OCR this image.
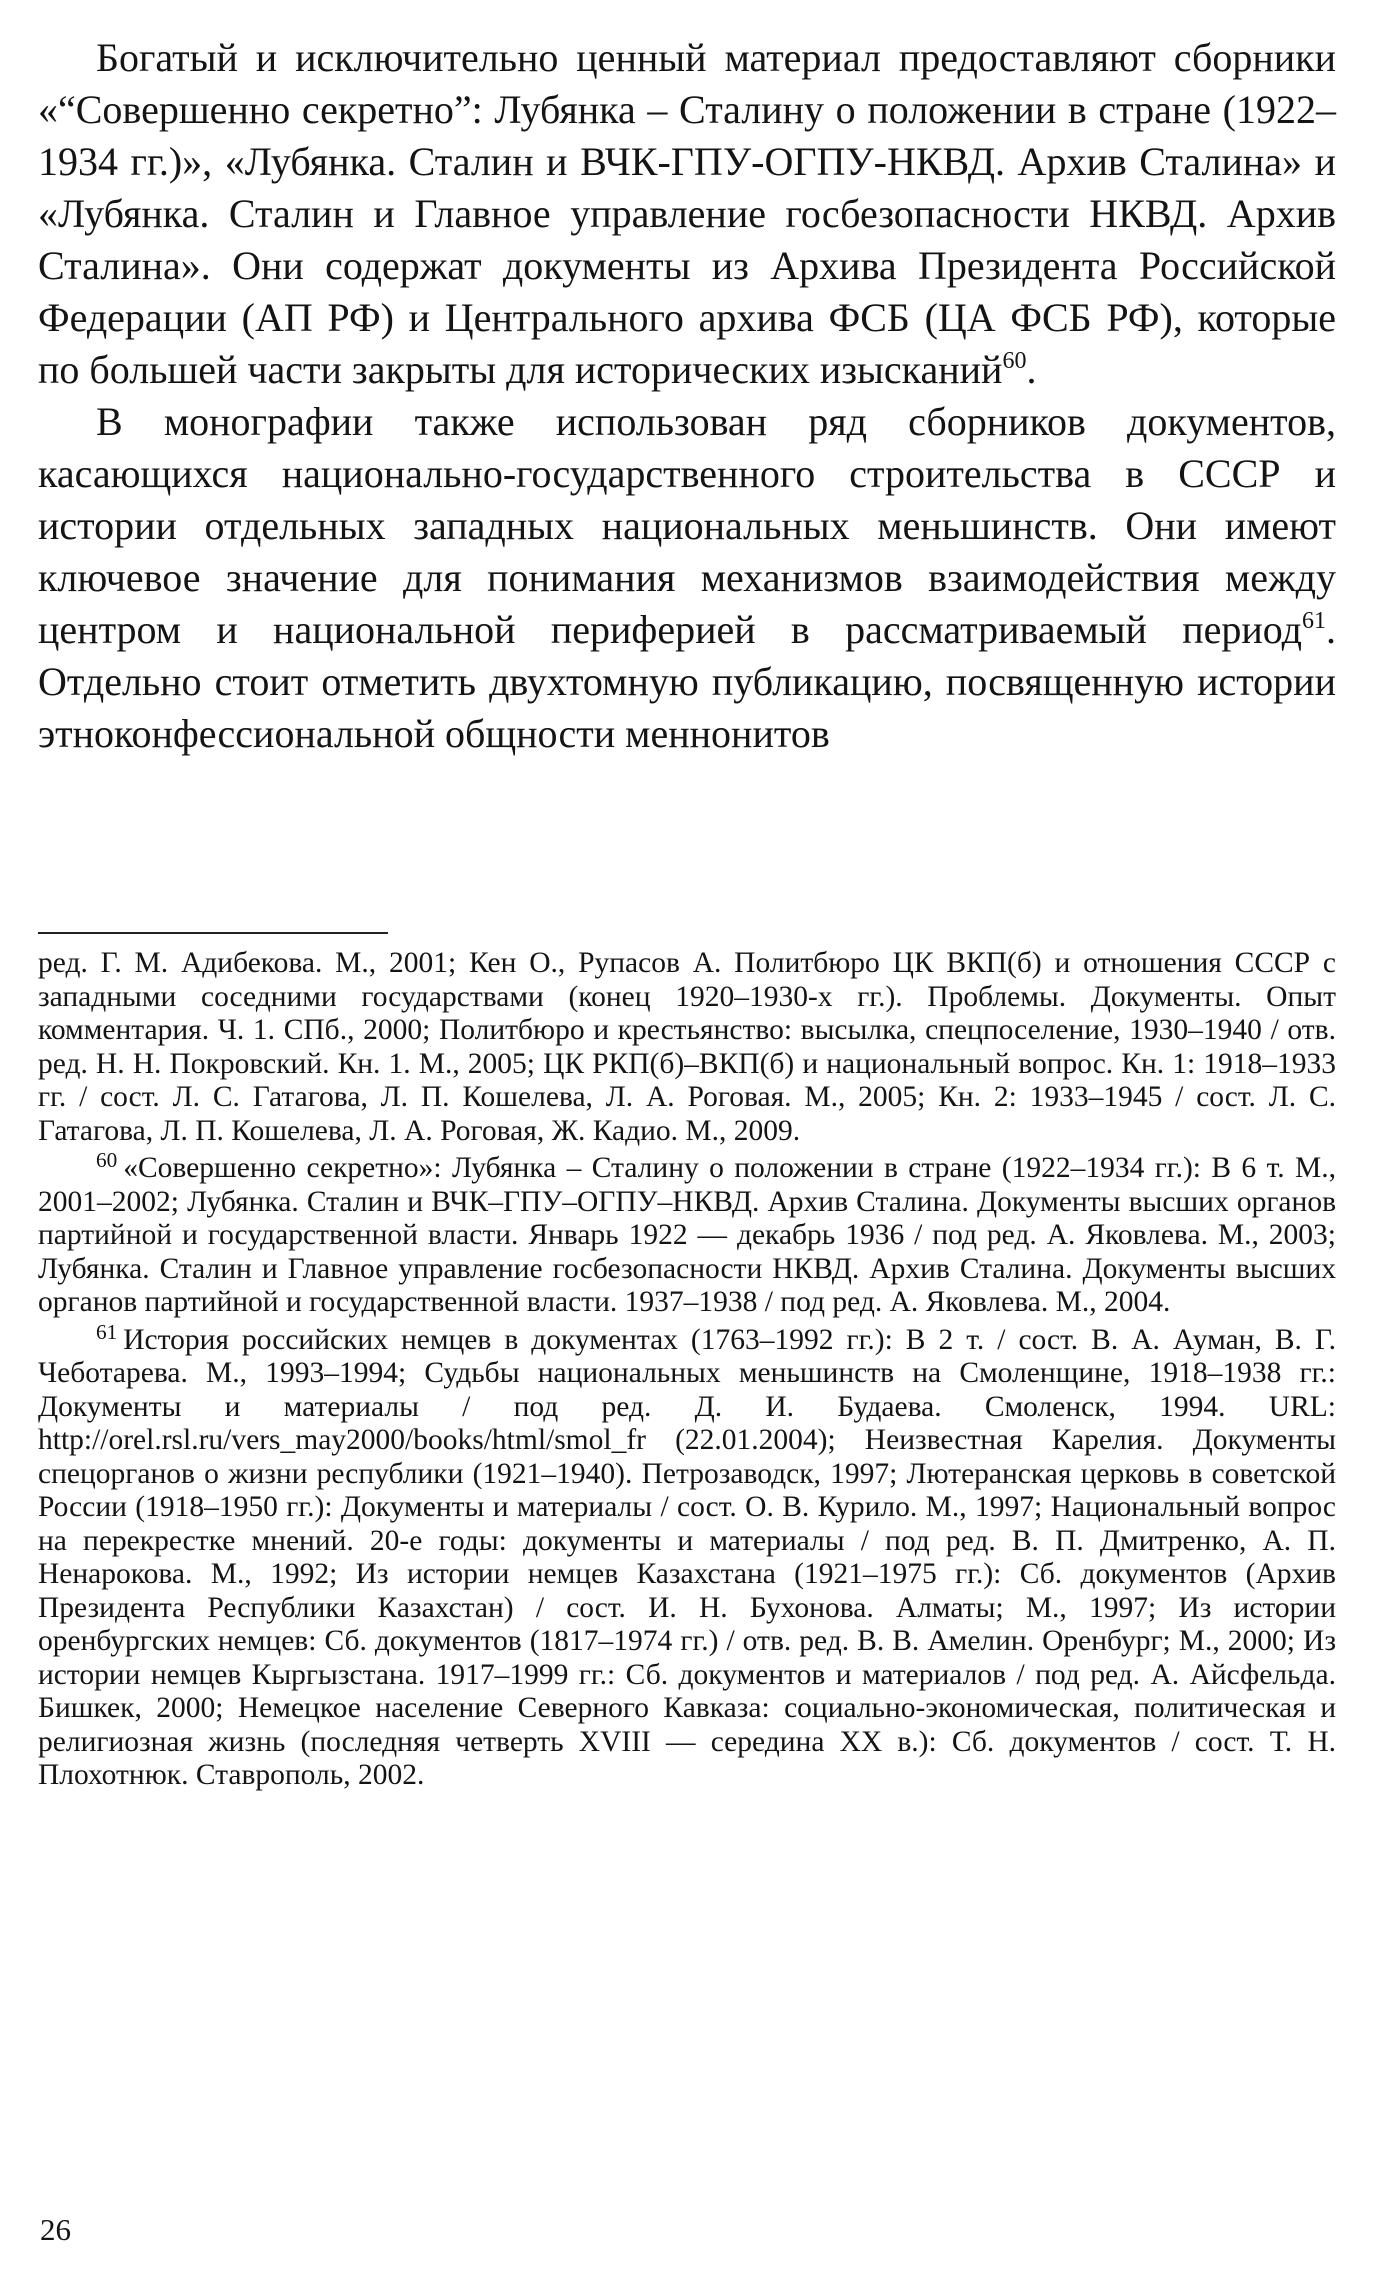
Богатый и исключительно ценный материал предоставляют сборники «“Совершенно секретно”: Лубянка – Сталину о положении в стране (1922–1934 гг.)», «Лубянка. Сталин и ВЧК-ГПУ-ОГПУ-НКВД. Архив Сталина» и «Лубянка. Сталин и Главное управление госбезопасности НКВД. Архив Сталина». Они содержат документы из Архива Президента Российской Федерации (АП РФ) и Центрального архива ФСБ (ЦА ФСБ РФ), которые по большей части закрыты для исторических изысканий$^{60}$.

В монографии также использован ряд сборников документов, касающихся национально-государственного строительства в СССР и истории отдельных западных национальных меньшинств. Они имеют ключевое значение для понимания механизмов взаимодействия между центром и национальной периферией в рассматриваемый период$^{61}$. Отдельно стоит отметить двухтомную публикацию, посвященную истории этноконфессиональной общности меннонитов

ред. Г. М. Адибекова. М., 2001; Кен О., Рупасов А. Политбюро ЦК ВКП(б) и отношения СССР с западными соседними государствами (конец 1920–1930-х гг.). Проблемы. Документы. Опыт комментария. Ч. 1. СПб., 2000; Политбюро и крестьянство: высылка, спецпоселение, 1930–1940 / отв. ред. Н. Н. Покровский. Кн. 1. М., 2005; ЦК РКП(б)–ВКП(б) и национальный вопрос. Кн. 1: 1918–1933 гг. / сост. Л. С. Гатагова, Л. П. Кошелева, Л. А. Роговая. М., 2005; Кн. 2: 1933–1945 / сост. Л. С. Гатагова, Л. П. Кошелева, Л. А. Роговая, Ж. Кадио. М., 2009.

$^{60}$ «Совершенно секретно»: Лубянка – Сталину о положении в стране (1922–1934 гг.): В 6 т. М., 2001–2002; Лубянка. Сталин и ВЧК–ГПУ–ОГПУ–НКВД. Архив Сталина. Документы высших органов партийной и государственной власти. Январь 1922 — декабрь 1936 / под ред. А. Яковлева. М., 2003; Лубянка. Сталин и Главное управление госбезопасности НКВД. Архив Сталина. Документы высших органов партийной и государственной власти. 1937–1938 / под ред. А. Яковлева. М., 2004.

$^{61}$ История российских немцев в документах (1763–1992 гг.): В 2 т. / сост. В. А. Ауман, В. Г. Чеботарева. М., 1993–1994; Судьбы национальных меньшинств на Смоленщине, 1918–1938 гг.: Документы и материалы / под ред. Д. И. Будаева. Смоленск, 1994. URL: http://orel.rsl.ru/vers_may2000/books/html/smol_fr (22.01.2004); Неизвестная Карелия. Документы спецорганов о жизни республики (1921–1940). Петрозаводск, 1997; Лютеранская церковь в советской России (1918–1950 гг.): Документы и материалы / сост. О. В. Курило. М., 1997; Национальный вопрос на перекрестке мнений. 20-е годы: документы и материалы / под ред. В. П. Дмитренко, А. П. Ненарокова. М., 1992; Из истории немцев Казахстана (1921–1975 гг.): Сб. документов (Архив Президента Республики Казахстан) / сост. И. Н. Бухонова. Алматы; М., 1997; Из истории оренбургских немцев: Сб. документов (1817–1974 гг.) / отв. ред. В. В. Амелин. Оренбург; М., 2000; Из истории немцев Кыргызстана. 1917–1999 гг.: Сб. документов и материалов / под ред. А. Айсфельда. Бишкек, 2000; Немецкое население Северного Кавказа: социально-экономическая, политическая и религиозная жизнь (последняя четверть XVIII — середина XX в.): Сб. документов / сост. Т. Н. Плохотнюк. Ставрополь, 2002.

26
